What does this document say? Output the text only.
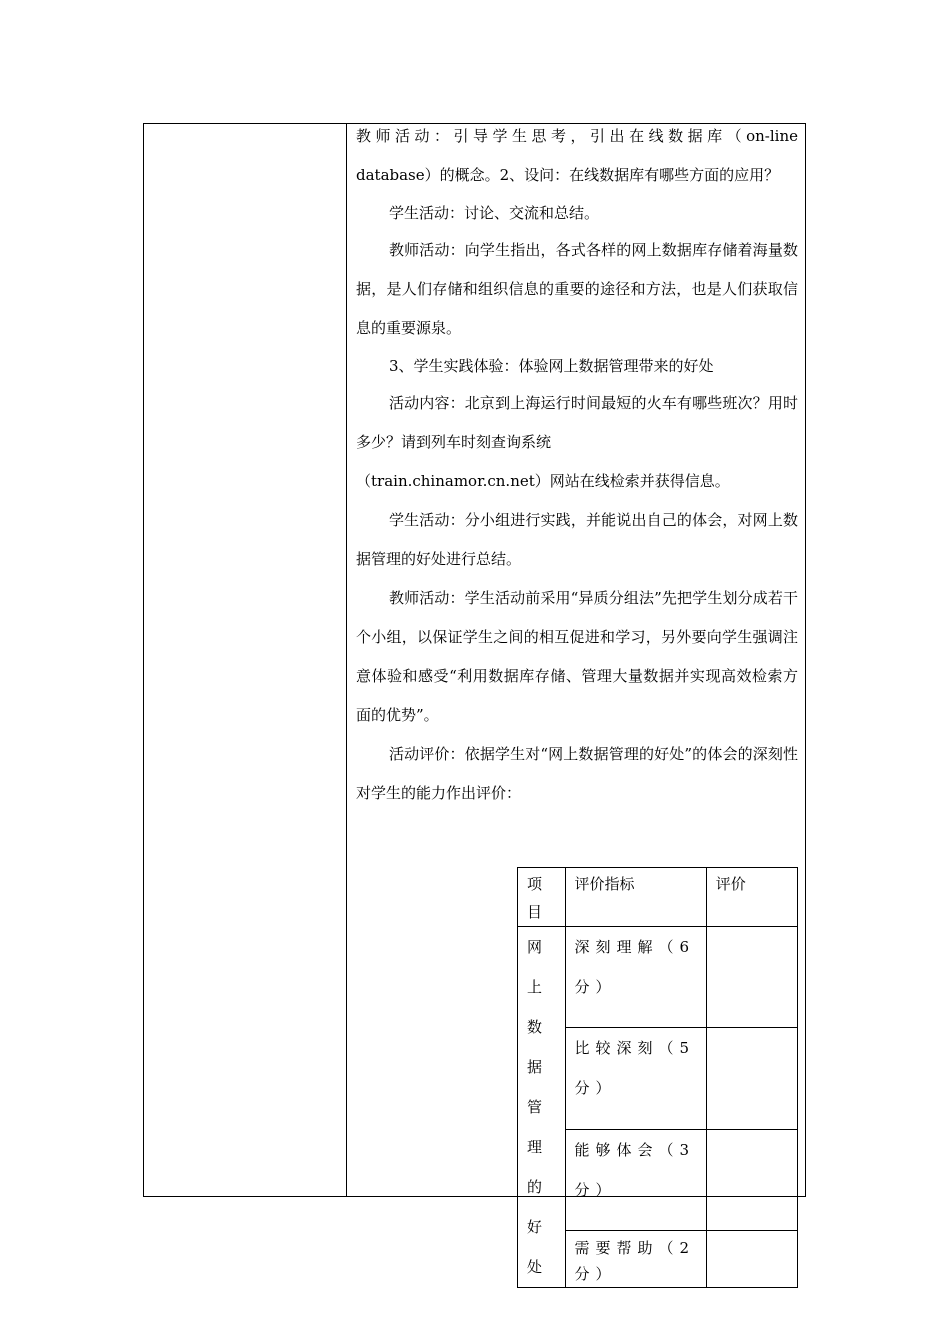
教师活动：引导学生思考，引出在线数据库（on-line

database）的概念。2、设问：在线数据库有哪些方面的应用？

学生活动：讨论、交流和总结。

教师活动：向学生指出，各式各样的网上数据库存储着海量数据，是人们存储和组织信息的重要的途径和方法，也是人们获取信息的重要源泉。

3、学生实践体验：体验网上数据管理带来的好处

活动内容：北京到上海运行时间最短的火车有哪些班次？用时多少？请到列车时刻查询系统

（train.chinamor.cn.net）网站在线检索并获得信息。

学生活动：分小组进行实践，并能说出自己的体会，对网上数据管理的好处进行总结。

教师活动：学生活动前采用“异质分组法”先把学生划分成若干个小组，以保证学生之间的相互促进和学习，另外要向学生强调注意体验和感受“利用数据库存储、管理大量数据并实现高效检索方面的优势”。

活动评价：依据学生对“网上数据管理的好处”的体会的深刻性对学生的能力作出评价：

项目	评价指标	评价
网上数据管理的好处	深刻理解（6分）	
	比较深刻（5分）	
	能够体会（3分）	
	需要帮助（2分）	
